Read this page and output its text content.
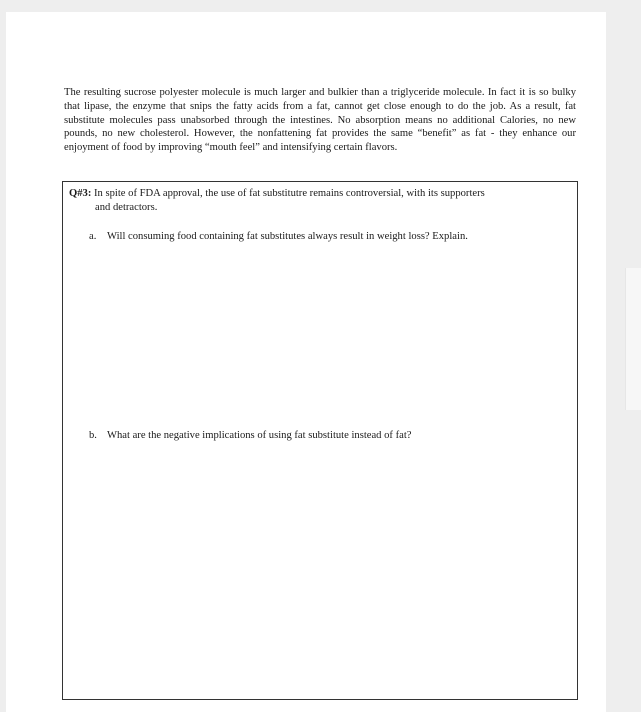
The resulting sucrose polyester molecule is much larger and bulkier than a triglyceride molecule. In fact it is so bulky that lipase, the enzyme that snips the fatty acids from a fat, cannot get close enough to do the job. As a result, fat substitute molecules pass unabsorbed through the intestines. No absorption means no additional Calories, no new pounds, no new cholesterol. However, the nonfattening fat provides the same “benefit” as fat - they enhance our enjoyment of food by improving “mouth feel” and intensifying certain flavors.

Q#3: In spite of FDA approval, the use of fat substitutre remains controversial, with its supporters
and detractors.

a. Will consuming food containing fat substitutes always result in weight loss? Explain.

b. What are the negative implications of using fat substitute instead of fat?
